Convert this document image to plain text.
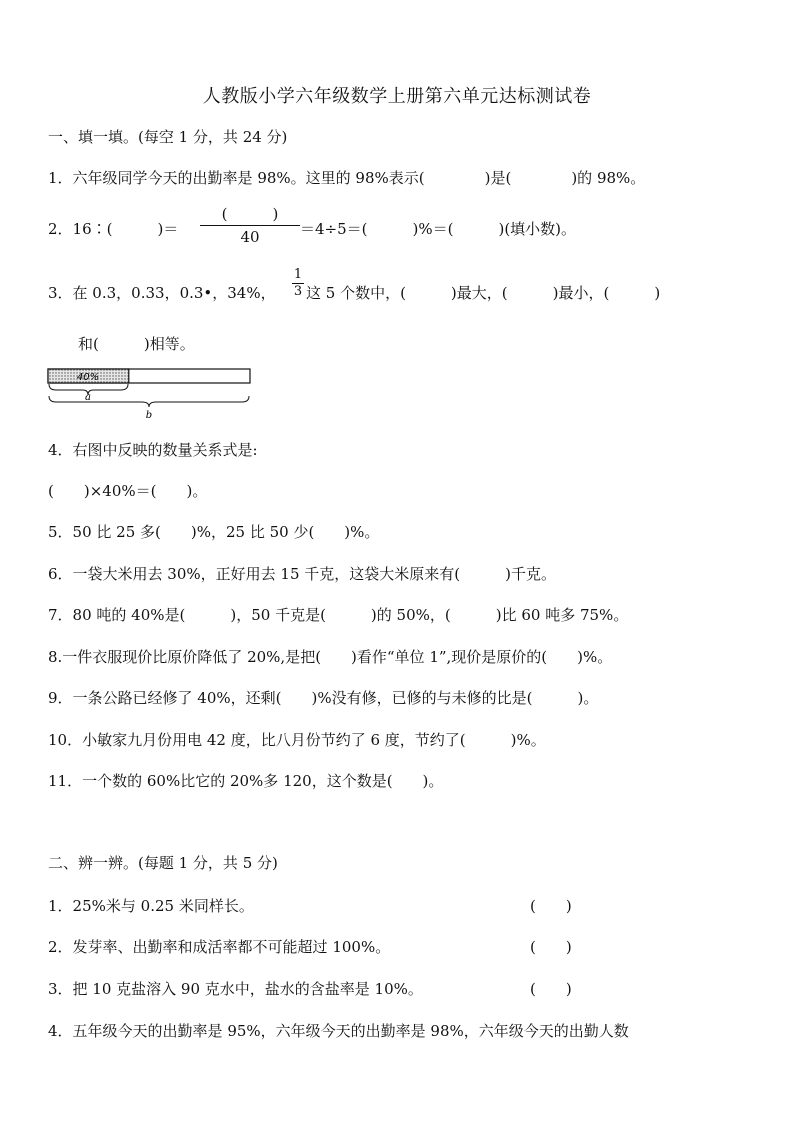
人教版小学六年级数学上册第六单元达标测试卷
一、填一填。(每空 1 分，共 24 分)
1．六年级同学今天的出勤率是 98%。这里的 98%表示(　　　　)是(　　　　)的 98%。
2．16∶(　　　)＝
(　　　)
40	＝4÷5＝(　　　)%＝(　　　)(填小数)。
3．在 0.3，0.33，0.3•，34%，
1
3 这 5 个数中，(　　　)最大，(　　　)最小，(　　　)
和(　　　)相等。
40%
a
b
4．右图中反映的数量关系式是:
(　　)×40%＝(　　)。
5．50 比 25 多(　　)%，25 比 50 少(　　)%。
6．一袋大米用去 30%，正好用去 15 千克，这袋大米原来有(　　　)千克。
7．80 吨的 40%是(　　　)，50 千克是(　　　)的 50%，(　　　)比 60 吨多 75%。
8.一件衣服现价比原价降低了 20%,是把(　　)看作“单位 1”,现价是原价的(　　)%。
9．一条公路已经修了 40%，还剩(　　)%没有修，已修的与未修的比是(　　　)。
10．小敏家九月份用电 42 度，比八月份节约了 6 度，节约了(　　　)%。
11．一个数的 60%比它的 20%多 120，这个数是(　　)。
二、辨一辨。(每题 1 分，共 5 分)
1．25%米与 0.25 米同样长。	(　　)
2．发芽率、出勤率和成活率都不可能超过 100%。	(　　)
3．把 10 克盐溶入 90 克水中，盐水的含盐率是 10%。	(　　)
4．五年级今天的出勤率是 95%，六年级今天的出勤率是 98%，六年级今天的出勤人数
